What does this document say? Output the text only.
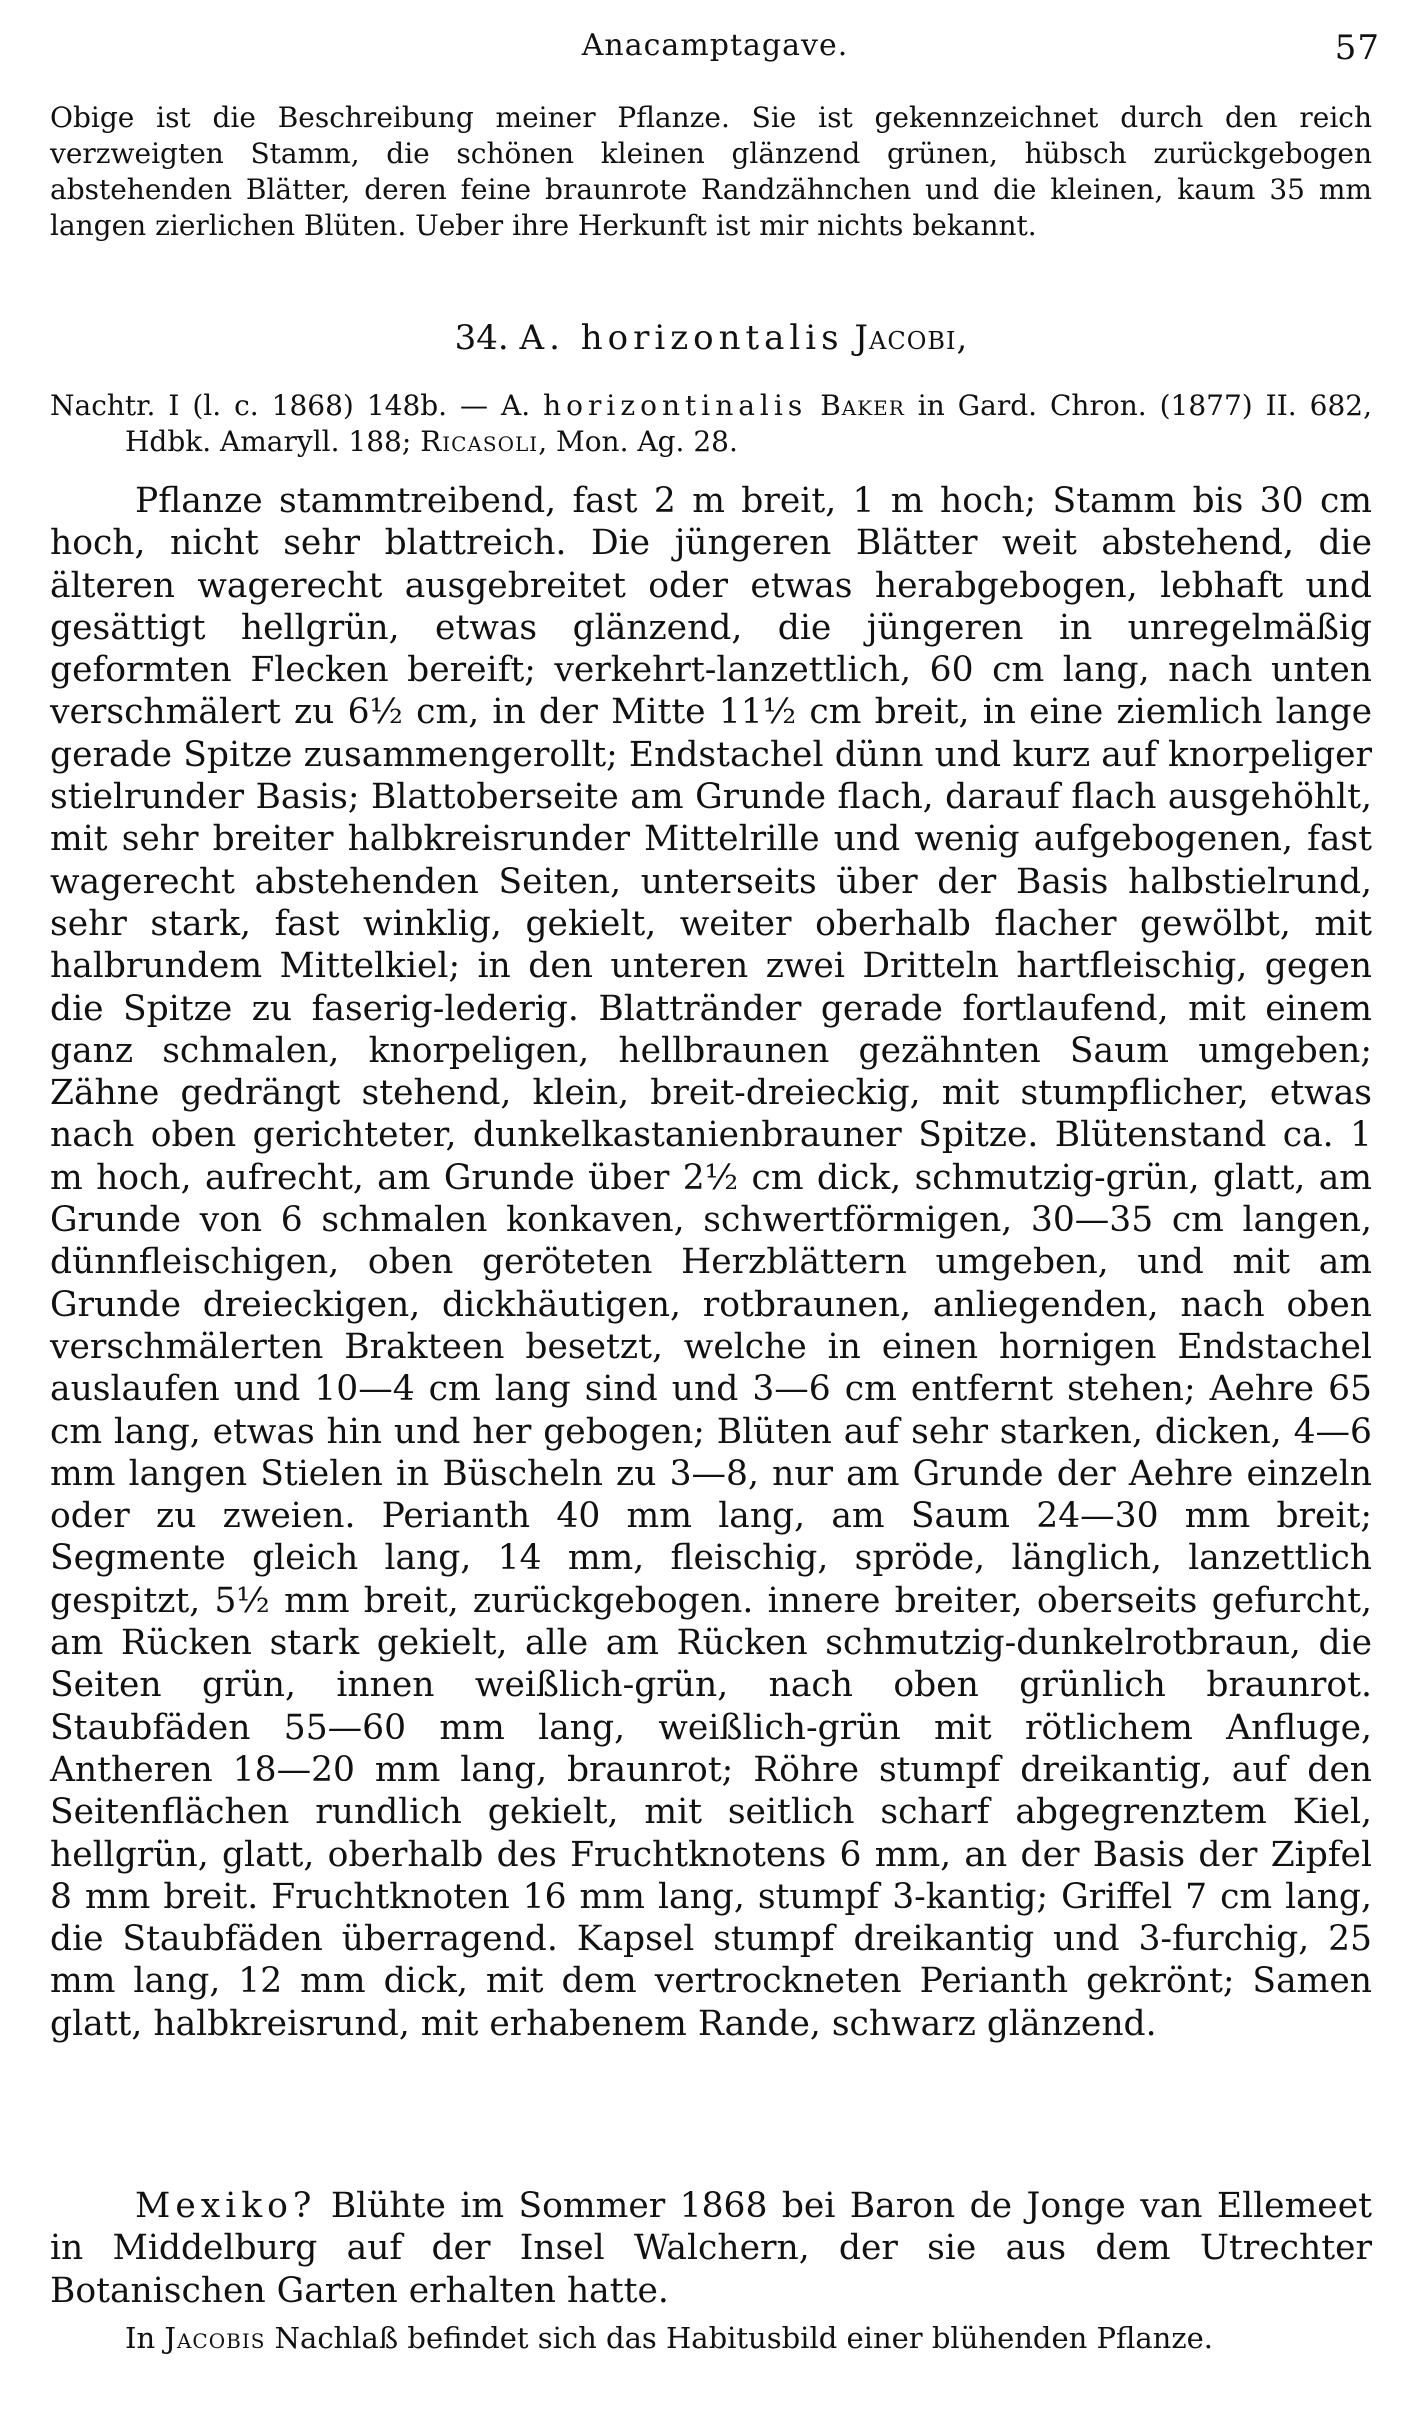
Anacamptagave.	57

Obige ist die Beschreibung meiner Pflanze. Sie ist gekennzeichnet durch den reich verzweigten Stamm, die schönen kleinen glänzend grünen, hübsch zurückgebogen abstehenden Blätter, deren feine braunrote Randzähnchen und die kleinen, kaum 35 mm langen zierlichen Blüten. Ueber ihre Herkunft ist mir nichts bekannt.

34. A. horizontalis Jacobi,

Nachtr. I (l. c. 1868) 148b. — A. horizontinalis Baker in Gard. Chron. (1877) II. 682, Hdbk. Amaryll. 188; Ricasoli, Mon. Ag. 28.

Pflanze stammtreibend, fast 2 m breit, 1 m hoch; Stamm bis 30 cm hoch, nicht sehr blattreich. Die jüngeren Blätter weit abstehend, die älteren wagerecht ausgebreitet oder etwas herabgebogen, lebhaft und gesättigt hellgrün, etwas glänzend, die jüngeren in unregelmäßig geformten Flecken bereift; verkehrt-lanzettlich, 60 cm lang, nach unten verschmälert zu 6½ cm, in der Mitte 11½ cm breit, in eine ziemlich lange gerade Spitze zusammengerollt; Endstachel dünn und kurz auf knorpeliger stielrunder Basis; Blattoberseite am Grunde flach, darauf flach ausgehöhlt, mit sehr breiter halbkreisrunder Mittelrille und wenig aufgebogenen, fast wagerecht abstehenden Seiten, unterseits über der Basis halbstielrund, sehr stark, fast winklig, gekielt, weiter oberhalb flacher gewölbt, mit halbrundem Mittelkiel; in den unteren zwei Dritteln hartfleischig, gegen die Spitze zu faserig-lederig. Blattränder gerade fortlaufend, mit einem ganz schmalen, knorpeligen, hellbraunen gezähnten Saum umgeben; Zähne gedrängt stehend, klein, breit-dreieckig, mit stumpflicher, etwas nach oben gerichteter, dunkelkastanienbrauner Spitze. Blütenstand ca. 1 m hoch, aufrecht, am Grunde über 2½ cm dick, schmutzig-grün, glatt, am Grunde von 6 schmalen konkaven, schwertförmigen, 30—35 cm langen, dünnfleischigen, oben geröteten Herzblättern umgeben, und mit am Grunde dreieckigen, dickhäutigen, rotbraunen, anliegenden, nach oben verschmälerten Brakteen besetzt, welche in einen hornigen Endstachel auslaufen und 10—4 cm lang sind und 3—6 cm entfernt stehen; Aehre 65 cm lang, etwas hin und her gebogen; Blüten auf sehr starken, dicken, 4—6 mm langen Stielen in Büscheln zu 3—8, nur am Grunde der Aehre einzeln oder zu zweien. Perianth 40 mm lang, am Saum 24—30 mm breit; Segmente gleich lang, 14 mm, fleischig, spröde, länglich, lanzettlich gespitzt, 5½ mm breit, zurückgebogen. innere breiter, oberseits gefurcht, am Rücken stark gekielt, alle am Rücken schmutzig-dunkelrotbraun, die Seiten grün, innen weißlich-grün, nach oben grünlich braunrot. Staubfäden 55—60 mm lang, weißlich-grün mit rötlichem Anfluge, Antheren 18—20 mm lang, braunrot; Röhre stumpf dreikantig, auf den Seitenflächen rundlich gekielt, mit seitlich scharf abgegrenztem Kiel, hellgrün, glatt, oberhalb des Fruchtknotens 6 mm, an der Basis der Zipfel 8 mm breit. Fruchtknoten 16 mm lang, stumpf 3-kantig; Griffel 7 cm lang, die Staubfäden überragend. Kapsel stumpf dreikantig und 3-furchig, 25 mm lang, 12 mm dick, mit dem vertrockneten Perianth gekrönt; Samen glatt, halbkreisrund, mit erhabenem Rande, schwarz glänzend.

Mexiko? Blühte im Sommer 1868 bei Baron de Jonge van Ellemeet in Middelburg auf der Insel Walchern, der sie aus dem Utrechter Botanischen Garten erhalten hatte.

In Jacobis Nachlaß befindet sich das Habitusbild einer blühenden Pflanze.
